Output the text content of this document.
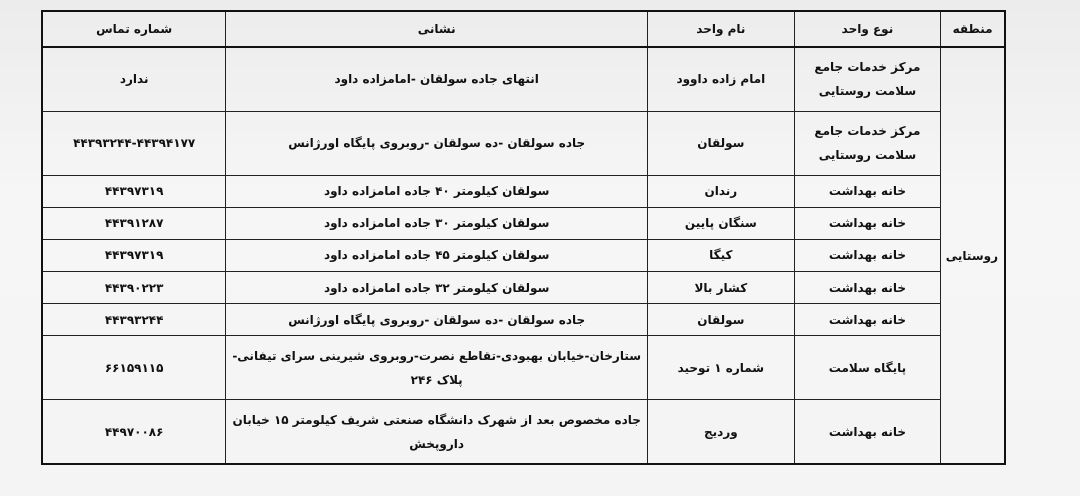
منطقه	نوع واحد	نام واحد	نشانی	شماره تماس
روستایی	مرکز خدمات جامع سلامت روستایی	امام زاده داوود	انتهای جاده سولقان -امامزاده داود	ندارد
	مرکز خدمات جامع سلامت روستایی	سولقان	جاده سولقان -ده سولقان -روبروی پایگاه اورژانس	۴۴۳۹۳۲۴۴-۴۴۳۹۴۱۷۷
	خانه بهداشت	رندان	سولقان کیلومتر ۴۰ جاده امامزاده داود	۴۴۳۹۷۳۱۹
	خانه بهداشت	سنگان پایین	سولقان کیلومتر ۳۰ جاده امامزاده داود	۴۴۳۹۱۲۸۷
	خانه بهداشت	کیگا	سولقان کیلومتر ۴۵ جاده امامزاده داود	۴۴۳۹۷۳۱۹
	خانه بهداشت	کشار بالا	سولقان کیلومتر ۳۲ جاده امامزاده داود	۴۴۳۹۰۲۲۳
	خانه بهداشت	سولقان	جاده سولقان -ده سولقان -روبروی پایگاه اورژانس	۴۴۳۹۳۲۴۴
	پایگاه سلامت	شماره ۱ توحید	ستارخان-خیابان بهبودی-تقاطع نصرت-روبروی شیرینی سرای تیفانی-پلاک ۲۴۶	۶۶۱۵۹۱۱۵
	خانه بهداشت	وردیج	جاده مخصوص بعد از شهرک دانشگاه صنعتی شریف کیلومتر ۱۵ خیابان داروپخش	۴۴۹۷۰۰۸۶
